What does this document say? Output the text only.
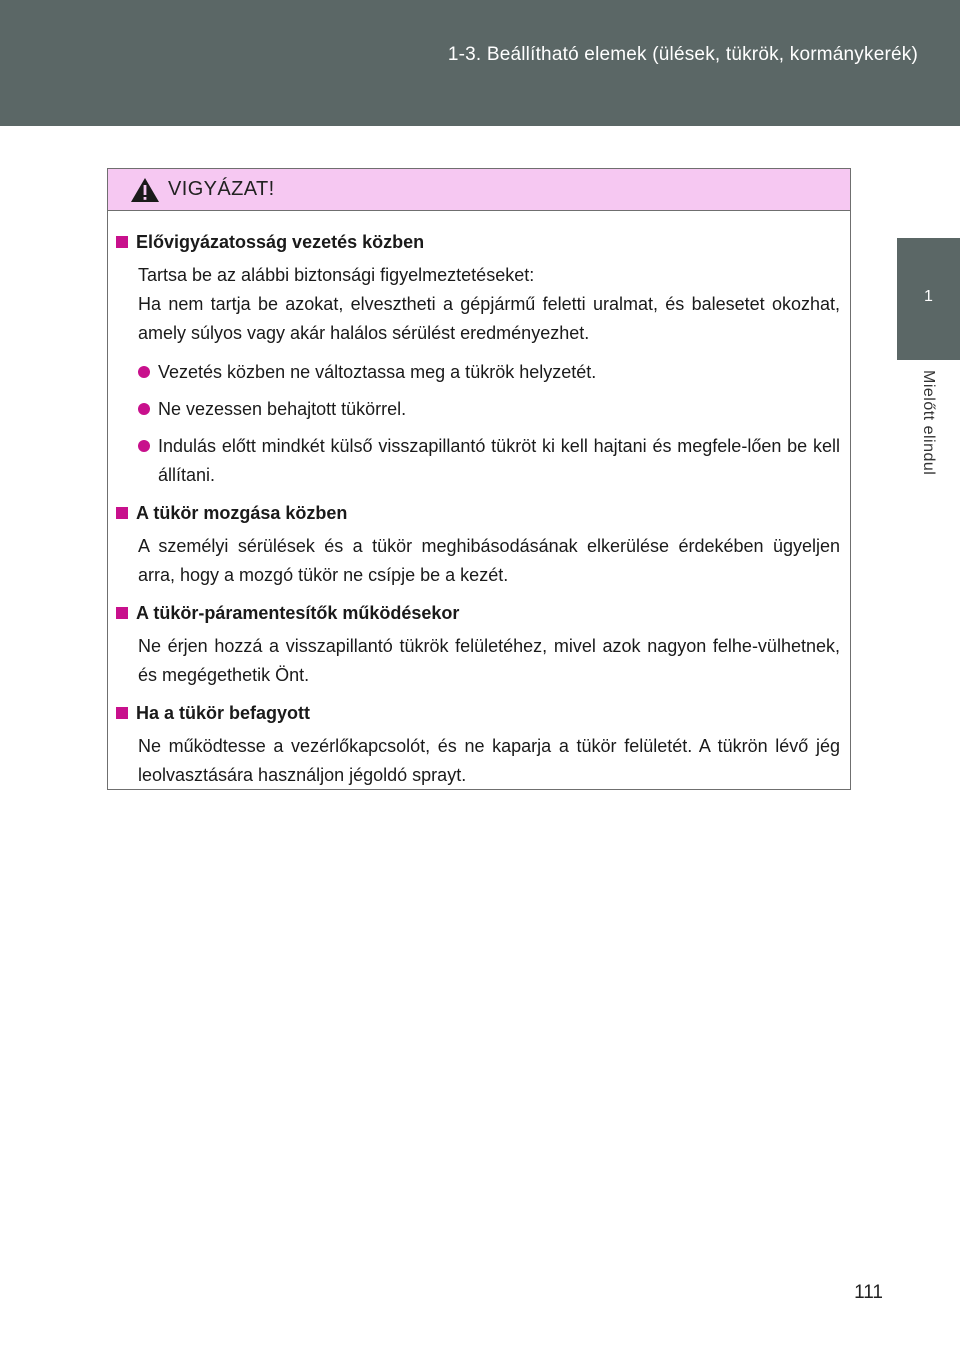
1-3. Beállítható elemek (ülések, tükrök, kormánykerék)
1
Mielőtt elindul
VIGYÁZAT!
Elővigyázatosság vezetés közben

Tartsa be az alábbi biztonsági figyelmeztetéseket:
Ha nem tartja be azokat, elvesztheti a gépjármű feletti uralmat, és balesetet okozhat, amely súlyos vagy akár halálos sérülést eredményezhet.

Vezetés közben ne változtassa meg a tükrök helyzetét.
Ne vezessen behajtott tükörrel.
Indulás előtt mindkét külső visszapillantó tükröt ki kell hajtani és megfele-lően be kell állítani.
A tükör mozgása közben

A személyi sérülések és a tükör meghibásodásának elkerülése érdekében ügyeljen arra, hogy a mozgó tükör ne csípje be a kezét.

A tükör-páramentesítők működésekor

Ne érjen hozzá a visszapillantó tükrök felületéhez, mivel azok nagyon felhe-vülhetnek, és megégethetik Önt.

Ha a tükör befagyott

Ne működtesse a vezérlőkapcsolót, és ne kaparja a tükör felületét. A tükrön lévő jég leolvasztására használjon jégoldó sprayt.

111
